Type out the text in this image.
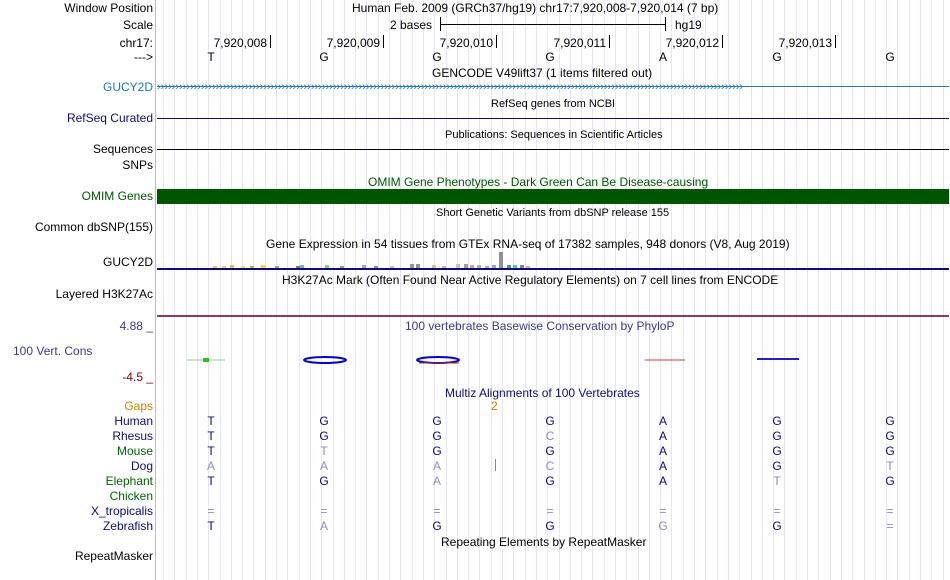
Window Position	Human Feb. 2009 (GRCh37/hg19) chr17:7,920,008-7,920,014 (7 bp)
Scale	2 bases	hg19
chr17:	7,920,008	7,920,009	7,920,010	7,920,011	7,920,012	7,920,013
--->	T	G	G	G	A	G	G
GENCODE V49lift37 (1 items filtered out)
GUCY2D ››››››››››››››››››››››››››››››››››››››››››››››››››››››››››››››››››››››››››››››››››››››››››››››››››››››››››››››››››››››››››››››››››››››››››››››››››››››››››››››››
RefSeq genes from NCBI
RefSeq Curated
Publications: Sequences in Scientific Articles
Sequences
SNPs
OMIM Gene Phenotypes - Dark Green Can Be Disease-causing
OMIM Genes
Short Genetic Variants from dbSNP release 155
Common dbSNP(155)
Gene Expression in 54 tissues from GTEx RNA-seq of 17382 samples, 948 donors (V8, Aug 2019)
GUCY2D
H3K27Ac Mark (Often Found Near Active Regulatory Elements) on 7 cell lines from ENCODE
Layered H3K27Ac
4.88 _	100 vertebrates Basewise Conservation by PhyloP
100 Vert. Cons
-4.5 _
Multiz Alignments of 100 Vertebrates
Gaps	2
Human	T	G	G	G	A	G	G
Rhesus	T	G	G	C	A	G	G
Mouse	T	T	G	G	A	G	G
Dog	A	A	A	C	A	G	T
Elephant	T	G	A	G	A	T	G
Chicken
X_tropicalis	=	=	=	=	=	=	=
Zebrafish	T	A	G	G	G	G	=
Repeating Elements by RepeatMasker
RepeatMasker
